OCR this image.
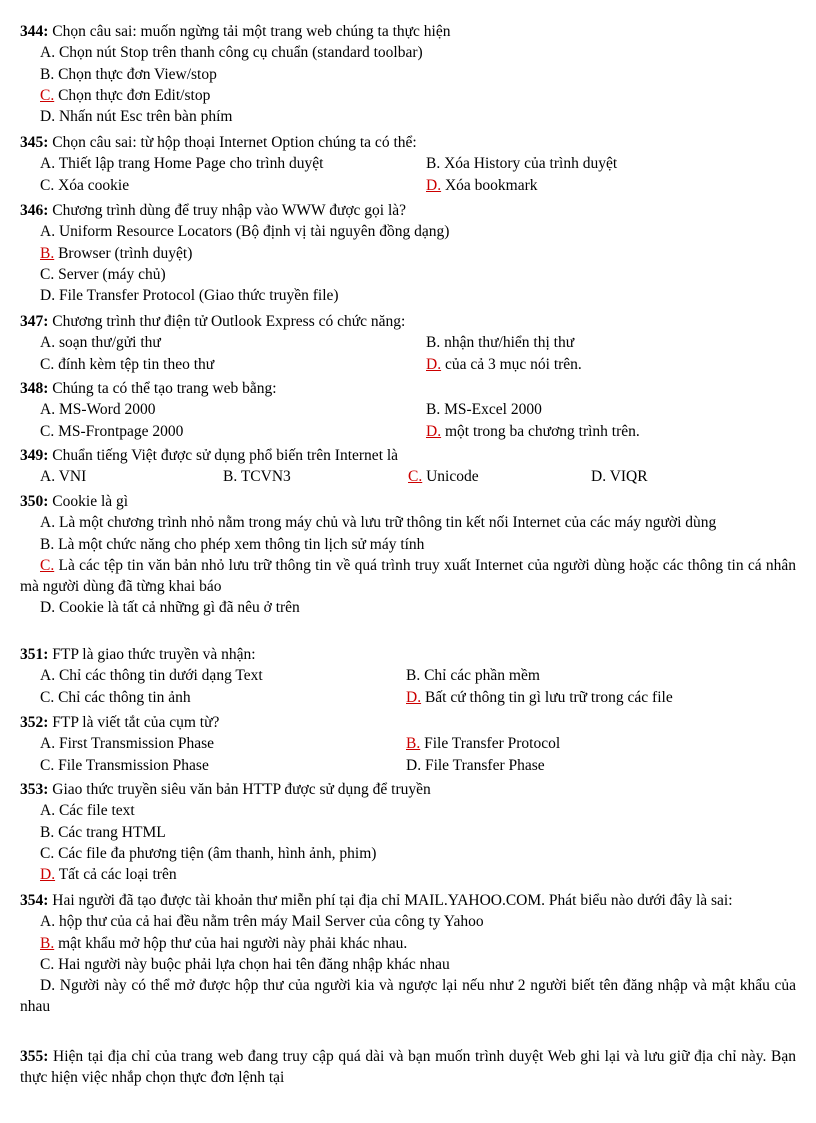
344: Chọn câu sai: muốn ngừng tải một trang web chúng ta thực hiện
A. Chọn nút Stop trên thanh công cụ chuẩn (standard toolbar)
B. Chọn thực đơn View/stop
C. Chọn thực đơn Edit/stop
D. Nhấn nút Esc trên bàn phím
345: Chọn câu sai: từ hộp thoại Internet Option chúng ta có thể:
A. Thiết lập trang Home Page cho trình duyệt	B. Xóa History của trình duyệt
C. Xóa cookie	D. Xóa bookmark
346: Chương trình dùng để truy nhập vào WWW được gọi là?
A. Uniform Resource Locators (Bộ định vị tài nguyên đồng dạng)
B. Browser (trình duyệt)
C. Server (máy chủ)
D. File Transfer Protocol (Giao thức truyền file)
347: Chương trình thư điện tử Outlook Express có chức năng:
A. soạn thư/gửi thư	B. nhận thư/hiển thị thư
C. đính kèm tệp tin theo thư	D. của cả 3 mục nói trên.
348: Chúng ta có thể tạo trang web bằng:
A. MS-Word 2000	B. MS-Excel 2000
C. MS-Frontpage 2000	D. một trong ba chương trình trên.
349: Chuẩn tiếng Việt được sử dụng phổ biến trên Internet là
A. VNI	B. TCVN3	C. Unicode	D. VIQR
350: Cookie là gì
A. Là một chương trình nhỏ nằm trong máy chủ và lưu trữ thông tin kết nối Internet của các máy người dùng
B. Là một chức năng cho phép xem thông tin lịch sử máy tính
C. Là các tệp tin văn bản nhỏ lưu trữ thông tin về quá trình truy xuất Internet của người dùng hoặc các thông tin cá nhân mà người dùng đã từng khai báo
D. Cookie là tất cả những gì đã nêu ở trên
351: FTP là giao thức truyền và nhận:
A. Chỉ các thông tin dưới dạng Text	B. Chỉ các phần mềm
C. Chỉ các thông tin ảnh	D. Bất cứ thông tin gì lưu trữ trong các file
352: FTP là viết tắt của cụm từ?
A. First Transmission Phase	B. File Transfer Protocol
C. File Transmission Phase	D. File Transfer Phase
353: Giao thức truyền siêu văn bản HTTP được sử dụng để truyền
A. Các file text
B. Các trang HTML
C. Các file đa phương tiện (âm thanh, hình ảnh, phim)
D. Tất cả các loại trên
354: Hai người đã tạo được tài khoản thư miễn phí tại địa chỉ MAIL.YAHOO.COM. Phát biểu nào dưới đây là sai:
A. hộp thư của cả hai đều nằm trên máy Mail Server của công ty Yahoo
B. mật khẩu mở hộp thư của hai người này phải khác nhau.
C. Hai người này buộc phải lựa chọn hai tên đăng nhập khác nhau
D. Người này có thể mở được hộp thư của người kia và ngược lại nếu như 2 người biết tên đăng nhập và mật khẩu của nhau
355: Hiện tại địa chỉ của trang web đang truy cập quá dài và bạn muốn trình duyệt Web ghi lại và lưu giữ địa chỉ này. Bạn thực hiện việc nhắp chọn thực đơn lệnh tại
